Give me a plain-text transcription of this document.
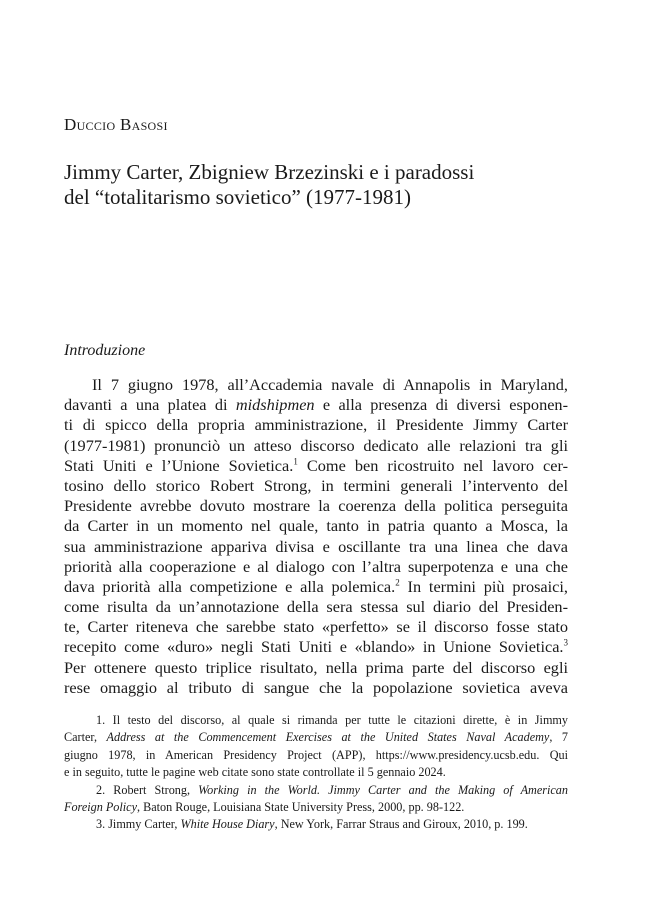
Duccio Basosi
Jimmy Carter, Zbigniew Brzezinski e i paradossi
del “totalitarismo sovietico” (1977-1981)
Introduzione
Il 7 giugno 1978, all’Accademia navale di Annapolis in Maryland,
davanti a una platea di midshipmen e alla presenza di diversi esponen-
ti di spicco della propria amministrazione, il Presidente Jimmy Carter
(1977-1981) pronunciò un atteso discorso dedicato alle relazioni tra gli
Stati Uniti e l’Unione Sovietica.$^1$ Come ben ricostruito nel lavoro cer-
tosino dello storico Robert Strong, in termini generali l’intervento del
Presidente avrebbe dovuto mostrare la coerenza della politica perseguita
da Carter in un momento nel quale, tanto in patria quanto a Mosca, la
sua amministrazione appariva divisa e oscillante tra una linea che dava
priorità alla cooperazione e al dialogo con l’altra superpotenza e una che
dava priorità alla competizione e alla polemica.$^2$ In termini più prosaici,
come risulta da un’annotazione della sera stessa sul diario del Presiden-
te, Carter riteneva che sarebbe stato «perfetto» se il discorso fosse stato
recepito come «duro» negli Stati Uniti e «blando» in Unione Sovietica.$^3$
Per ottenere questo triplice risultato, nella prima parte del discorso egli
rese omaggio al tributo di sangue che la popolazione sovietica aveva
1. Il testo del discorso, al quale si rimanda per tutte le citazioni dirette, è in Jimmy
Carter, Address at the Commencement Exercises at the United States Naval Academy, 7
giugno 1978, in American Presidency Project (APP), https://www.presidency.ucsb.edu. Qui
e in seguito, tutte le pagine web citate sono state controllate il 5 gennaio 2024.
2. Robert Strong, Working in the World. Jimmy Carter and the Making of American
Foreign Policy, Baton Rouge, Louisiana State University Press, 2000, pp. 98-122.
3. Jimmy Carter, White House Diary, New York, Farrar Straus and Giroux, 2010, p. 199.
